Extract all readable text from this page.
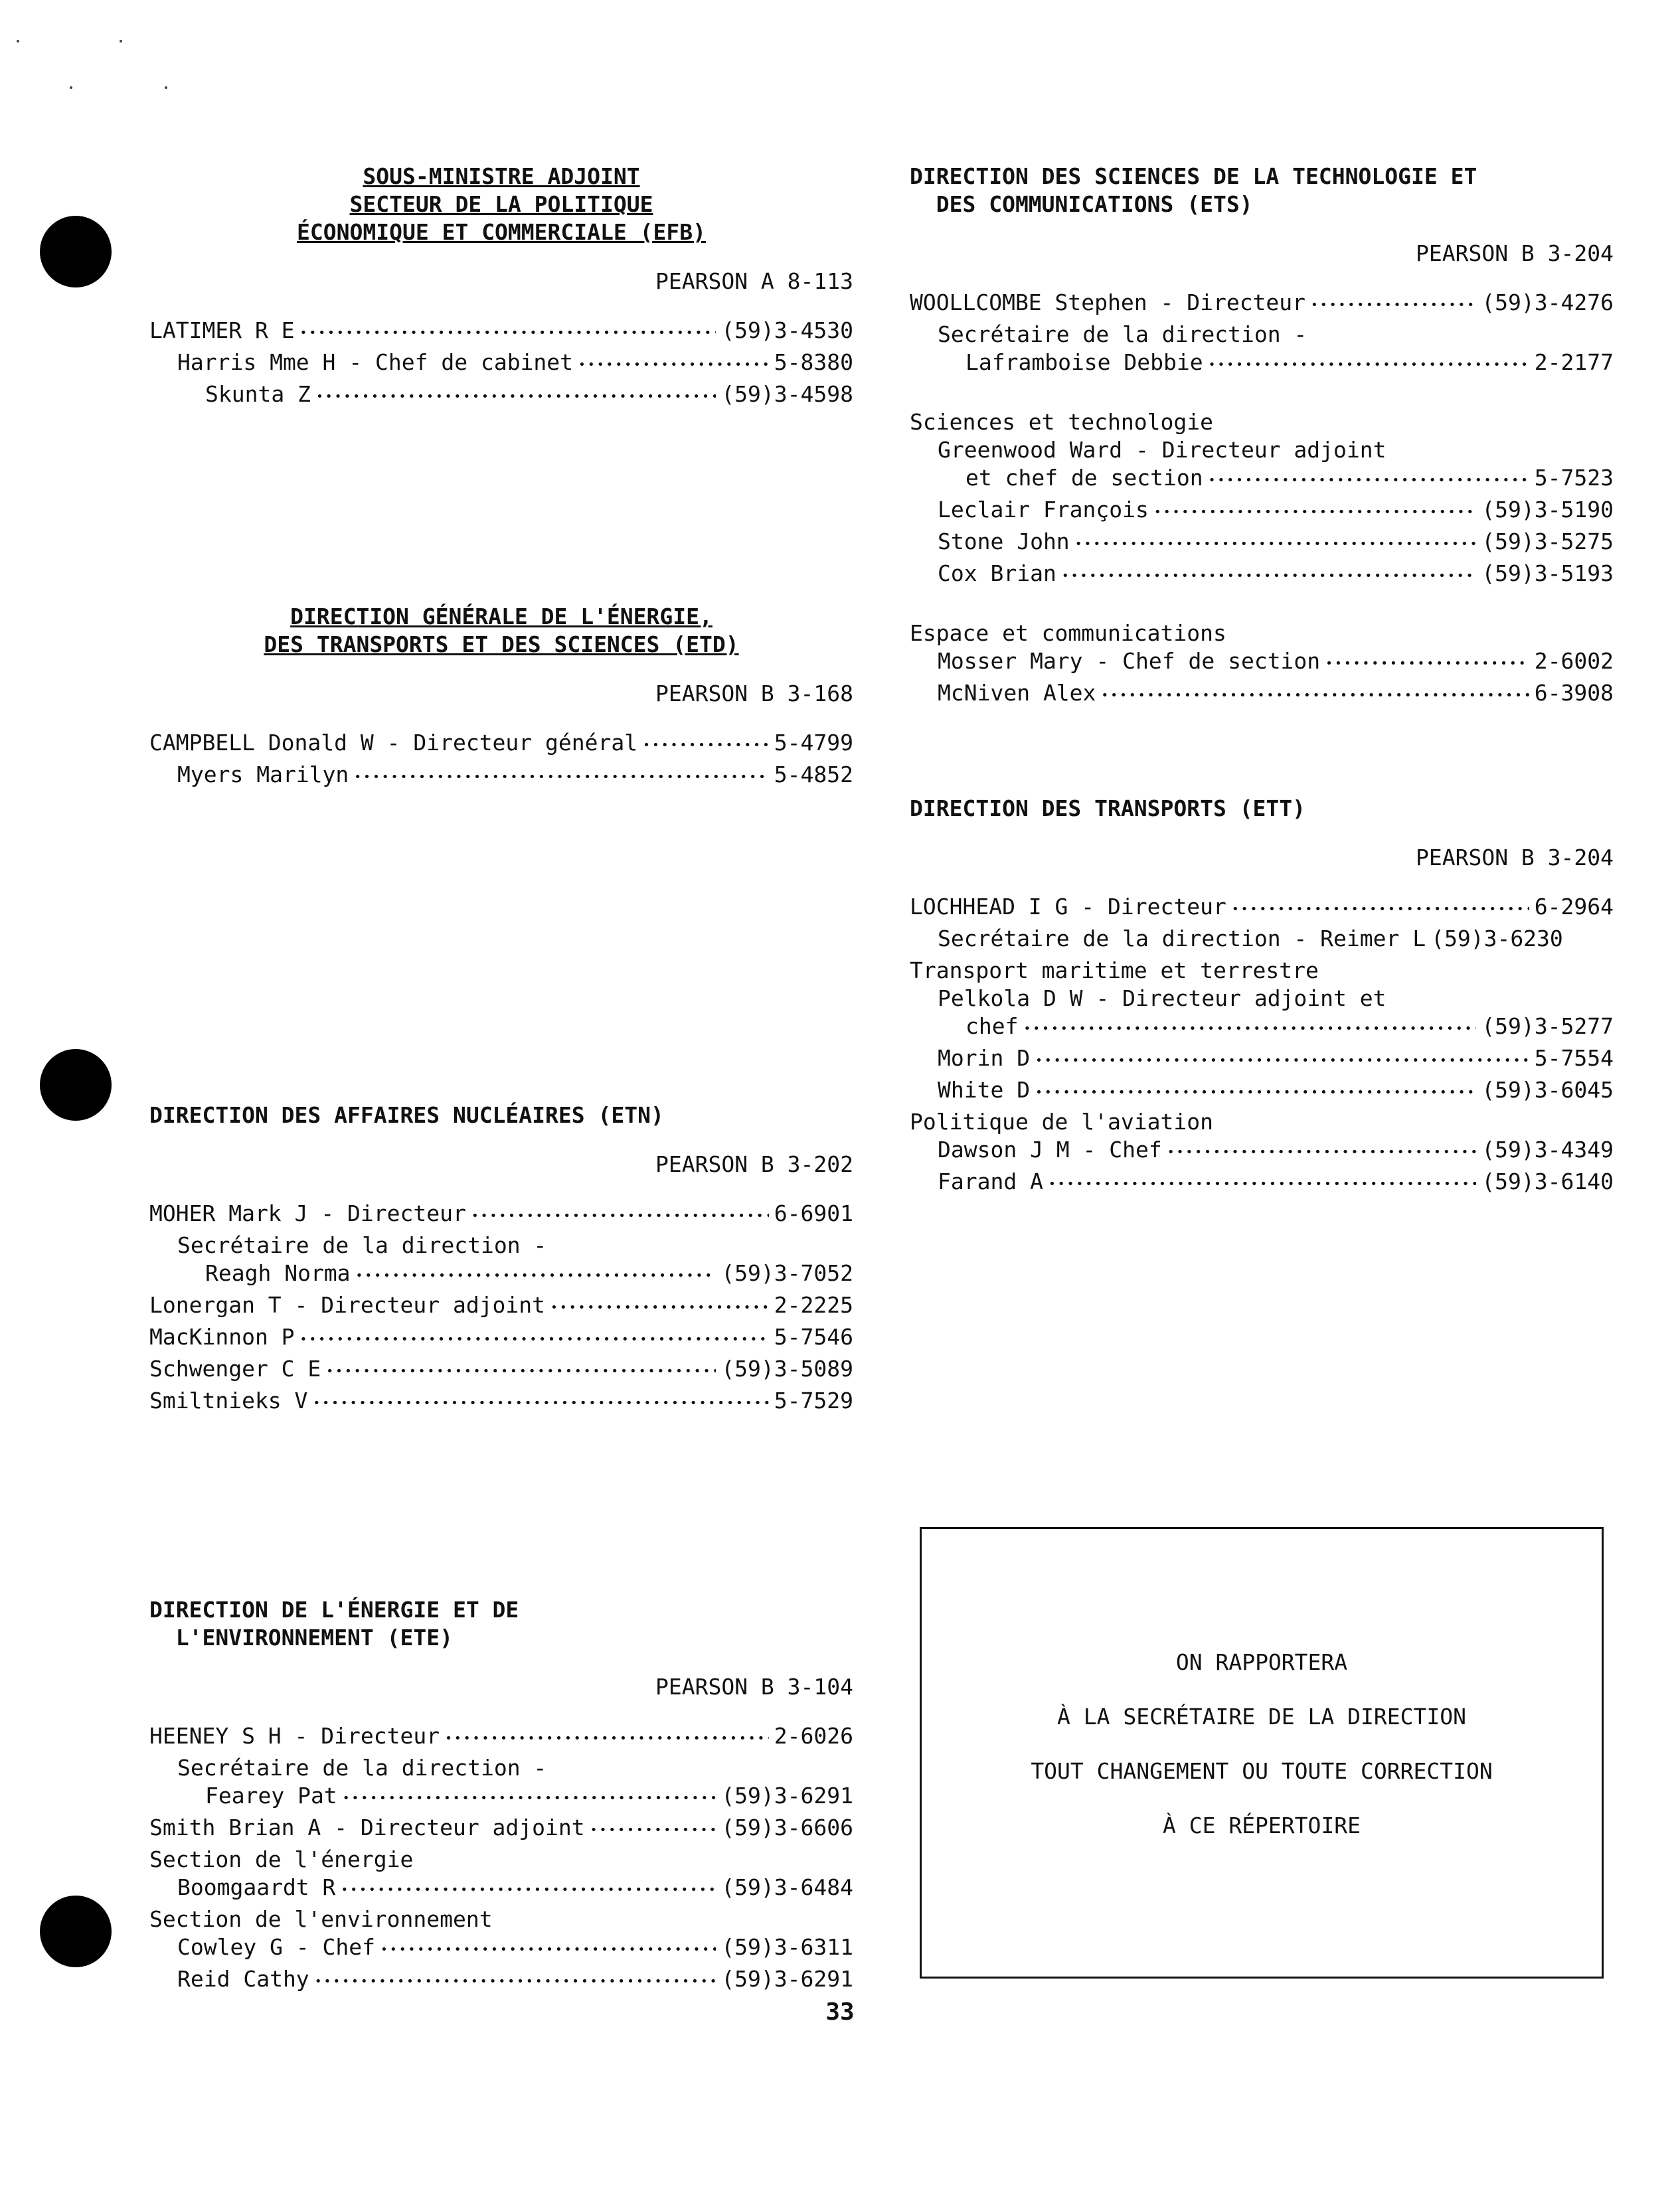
SOUS-MINISTRE ADJOINT
SECTEUR DE LA POLITIQUE
ÉCONOMIQUE ET COMMERCIALE (EFB)
PEARSON A 8-113
LATIMER R E •••••	(59)3-4530
Harris Mme H - Chef de cabinet •••••	5-8380
Skunta Z •••••	(59)3-4598
DIRECTION GÉNÉRALE DE L'ÉNERGIE,
DES TRANSPORTS ET DES SCIENCES (ETD)
PEARSON B 3-168
CAMPBELL Donald W - Directeur général •••••	5-4799
Myers Marilyn •••••	5-4852
DIRECTION DES AFFAIRES NUCLÉAIRES (ETN)
PEARSON B 3-202
MOHER Mark J - Directeur •••••	6-6901
Secrétaire de la direction -
Reagh Norma •••••	(59)3-7052
Lonergan T - Directeur adjoint •••••	2-2225
MacKinnon P •••••	5-7546
Schwenger C E •••••	(59)3-5089
Smiltnieks V •••••	5-7529
DIRECTION DE L'ÉNERGIE ET DE
L'ENVIRONNEMENT (ETE)
PEARSON B 3-104
HEENEY S H - Directeur •••••	2-6026
Secrétaire de la direction -
Fearey Pat •••••	(59)3-6291
Smith Brian A - Directeur adjoint •••••	(59)3-6606
Section de l'énergie
Boomgaardt R •••••	(59)3-6484
Section de l'environnement
Cowley G - Chef •••••	(59)3-6311
Reid Cathy •••••	(59)3-6291
DIRECTION DES SCIENCES DE LA TECHNOLOGIE ET
DES COMMUNICATIONS (ETS)
PEARSON B 3-204
WOOLLCOMBE Stephen - Directeur •••••	(59)3-4276
Secrétaire de la direction -
Laframboise Debbie •••••	2-2177
Sciences et technologie
Greenwood Ward - Directeur adjoint
et chef de section •••••	5-7523
Leclair François •••••	(59)3-5190
Stone John •••••	(59)3-5275
Cox Brian •••••	(59)3-5193
Espace et communications
Mosser Mary - Chef de section •••••	2-6002
McNiven Alex •••••	6-3908
DIRECTION DES TRANSPORTS (ETT)
PEARSON B 3-204
LOCHHEAD I G - Directeur •••••	6-2964
Secrétaire de la direction - Reimer L (59)3-6230
Transport maritime et terrestre
Pelkola D W - Directeur adjoint et
chef •••••	(59)3-5277
Morin D •••••	5-7554
White D •••••	(59)3-6045
Politique de l'aviation
Dawson J M - Chef •••••	(59)3-4349
Farand A •••••	(59)3-6140
ON RAPPORTERA
À LA SECRÉTAIRE DE LA DIRECTION
TOUT CHANGEMENT OU TOUTE CORRECTION
À CE RÉPERTOIRE
33
